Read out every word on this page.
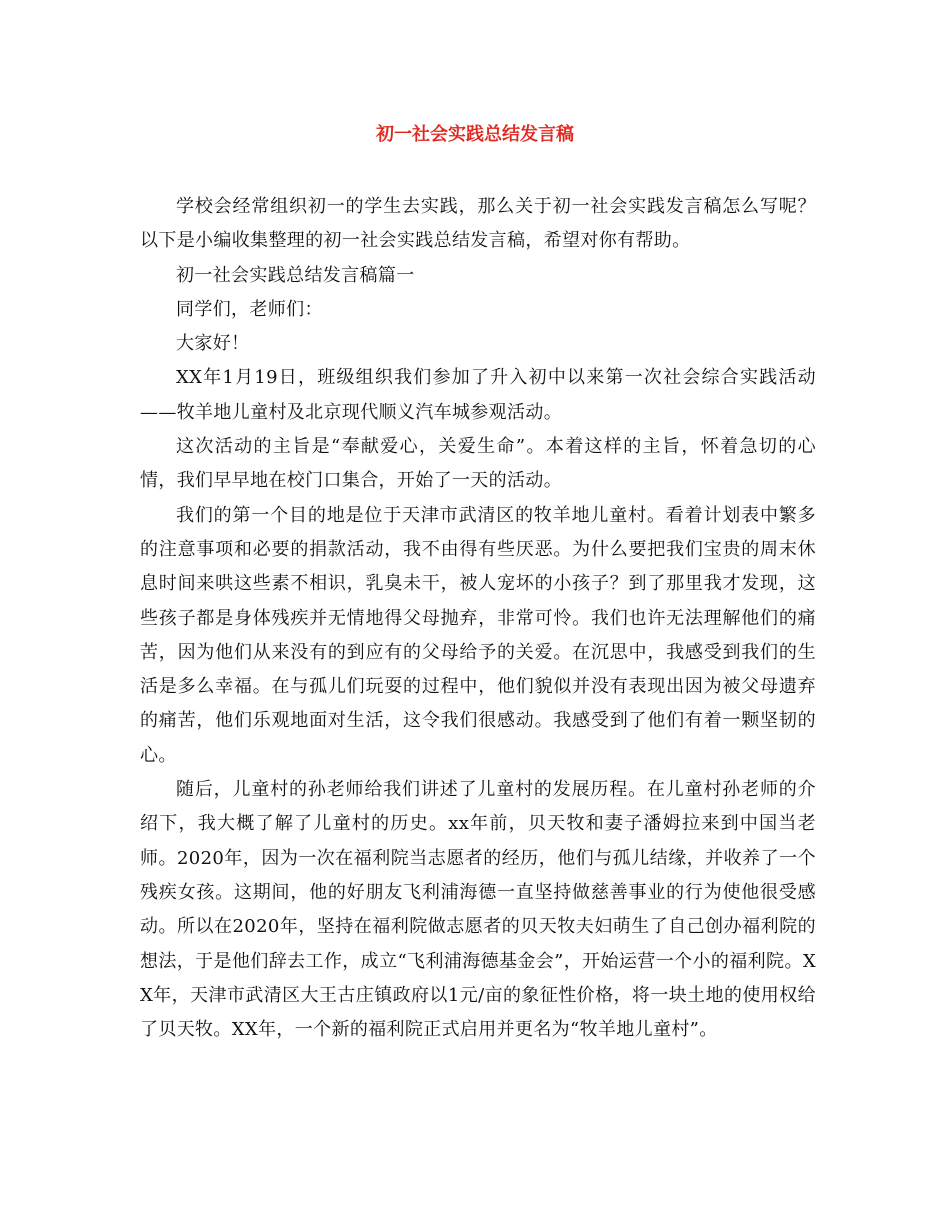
初一社会实践总结发言稿

学校会经常组织初一的学生去实践，那么关于初一社会实践发言稿怎么写呢？以下是小编收集整理的初一社会实践总结发言稿，希望对你有帮助。

初一社会实践总结发言稿篇一

同学们，老师们：

大家好！

XX年1月19日，班级组织我们参加了升入初中以来第一次社会综合实践活动——牧羊地儿童村及北京现代顺义汽车城参观活动。

这次活动的主旨是“奉献爱心，关爱生命”。本着这样的主旨，怀着急切的心情，我们早早地在校门口集合，开始了一天的活动。

我们的第一个目的地是位于天津市武清区的牧羊地儿童村。看着计划表中繁多的注意事项和必要的捐款活动，我不由得有些厌恶。为什么要把我们宝贵的周末休息时间来哄这些素不相识，乳臭未干，被人宠坏的小孩子？到了那里我才发现，这些孩子都是身体残疾并无情地得父母抛弃，非常可怜。我们也许无法理解他们的痛苦，因为他们从来没有的到应有的父母给予的关爱。在沉思中，我感受到我们的生活是多么幸福。在与孤儿们玩耍的过程中，他们貌似并没有表现出因为被父母遗弃的痛苦，他们乐观地面对生活，这令我们很感动。我感受到了他们有着一颗坚韧的心。

随后，儿童村的孙老师给我们讲述了儿童村的发展历程。在儿童村孙老师的介绍下，我大概了解了儿童村的历史。xx年前，贝天牧和妻子潘姆拉来到中国当老师。2020年，因为一次在福利院当志愿者的经历，他们与孤儿结缘，并收养了一个残疾女孩。这期间，他的好朋友飞利浦海德一直坚持做慈善事业的行为使他很受感动。所以在2020年，坚持在福利院做志愿者的贝天牧夫妇萌生了自己创办福利院的想法，于是他们辞去工作，成立“飞利浦海德基金会”，开始运营一个小的福利院。XX年，天津市武清区大王古庄镇政府以1元/亩的象征性价格，将一块土地的使用权给了贝天牧。XX年，一个新的福利院正式启用并更名为“牧羊地儿童村”。
